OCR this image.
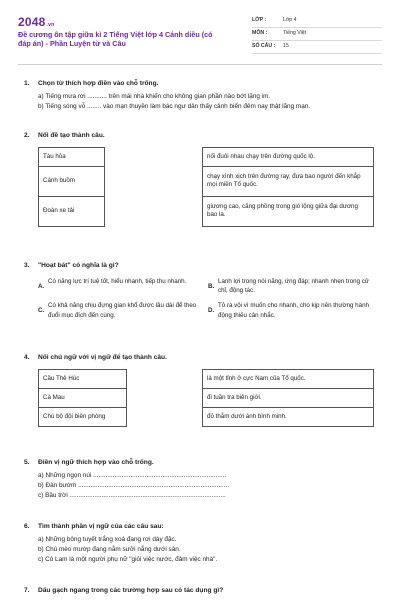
2048.vn
Đề cương ôn tập giữa kì 2 Tiếng Việt lớp 4 Cánh diều (có đáp án) - Phần Luyện từ và Câu
LỚP :	Lớp 4
MÔN :	Tiếng Việt
SỐ CÂU :	15
1.	Chọn từ thích hợp điền vào chỗ trống.
a) Tiếng mưa rơi ........... trên mái nhà khiến cho không gian phần nào bớt lặng im.
b) Tiếng sóng vỗ ........ vào mạn thuyền làm bác ngư dân thấy cảnh biển đêm nay thật lãng mạn.
2.	Nối đề tạo thành câu.
Tàu hỏa		nối đuôi nhau chạy trên đường quốc lộ.
Cánh buồm		chạy xình xịch trên đường ray, đưa bao người đến khắp mọi miền Tổ quốc.
Đoàn xe tải		giương cao, căng phồng trong gió lộng giữa đại dương bao la.
3.	"Hoạt bát" có nghĩa là gì?
A.
Có năng lực trí tuệ tốt, hiểu nhanh, tiếp thu nhanh.
B.
Lanh lợi trong nói năng, ứng đáp; nhanh nhẹn trong cử chỉ, động tác.
C.
Có khả năng chịu đựng gian khổ được lâu dài để theo đuổi mục đích đến cùng.
D.
Tỏ ra vội vì muốn cho nhanh, cho kịp nên thường hành động thiếu cân nhắc.
4.	Nối chủ ngữ với vị ngữ để tạo thành câu.
Cầu Thê Húc		là một tỉnh ở cực Nam của Tổ quốc.
Cà Mau		đi tuần tra biên giới.
Chú bộ đội biên phòng		đỏ thắm dưới ánh bình minh.
5.	Điền vị ngữ thích hợp vào chỗ trống.
a) Những ngọn núi ...........................................................................
b) Đàn bướm .....................................................................................
c) Bầu trời ........................................................................................
6.	Tìm thành phần vị ngữ của các câu sau:
a) Những bông tuyết trắng xoá đang rơi dày đặc.
b) Chú mèo mướp đang nằm sưởi nắng dưới sân.
c) Cô Lam là một người phụ nữ "giỏi việc nước, đảm việc nhà".
7.	Dấu gạch ngang trong các trường hợp sau có tác dụng gì?
